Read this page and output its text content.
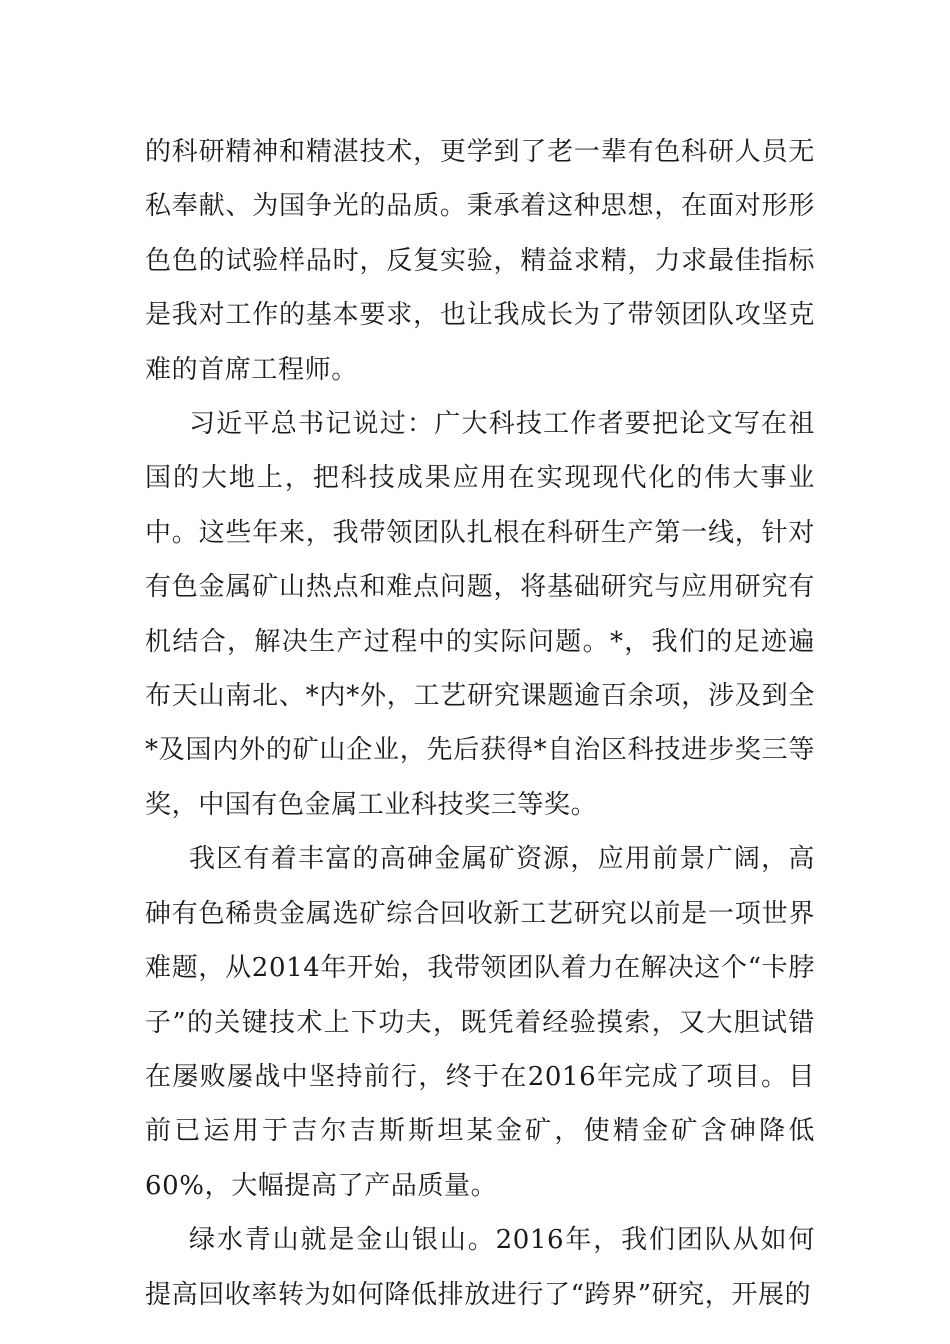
的科研精神和精湛技术，更学到了老一辈有色科研人员无私奉献、为国争光的品质。秉承着这种思想，在面对形形色色的试验样品时，反复实验，精益求精，力求最佳指标是我对工作的基本要求，也让我成长为了带领团队攻坚克难的首席工程师。

习近平总书记说过：广大科技工作者要把论文写在祖国的大地上，把科技成果应用在实现现代化的伟大事业中。这些年来，我带领团队扎根在科研生产第一线，针对有色金属矿山热点和难点问题，将基础研究与应用研究有机结合，解决生产过程中的实际问题。*，我们的足迹遍布天山南北、*内*外，工艺研究课题逾百余项，涉及到全*及国内外的矿山企业，先后获得*自治区科技进步奖三等奖，中国有色金属工业科技奖三等奖。

我区有着丰富的高砷金属矿资源，应用前景广阔，高砷有色稀贵金属选矿综合回收新工艺研究以前是一项世界难题，从2014年开始，我带领团队着力在解决这个“卡脖子”的关键技术上下功夫，既凭着经验摸索，又大胆试错在屡败屡战中坚持前行，终于在2016年完成了项目。目前已运用于吉尔吉斯斯坦某金矿，使精金矿含砷降低60%，大幅提高了产品质量。

绿水青山就是金山银山。2016年，我们团队从如何提高回收率转为如何降低排放进行了“跨界”研究，开展的
